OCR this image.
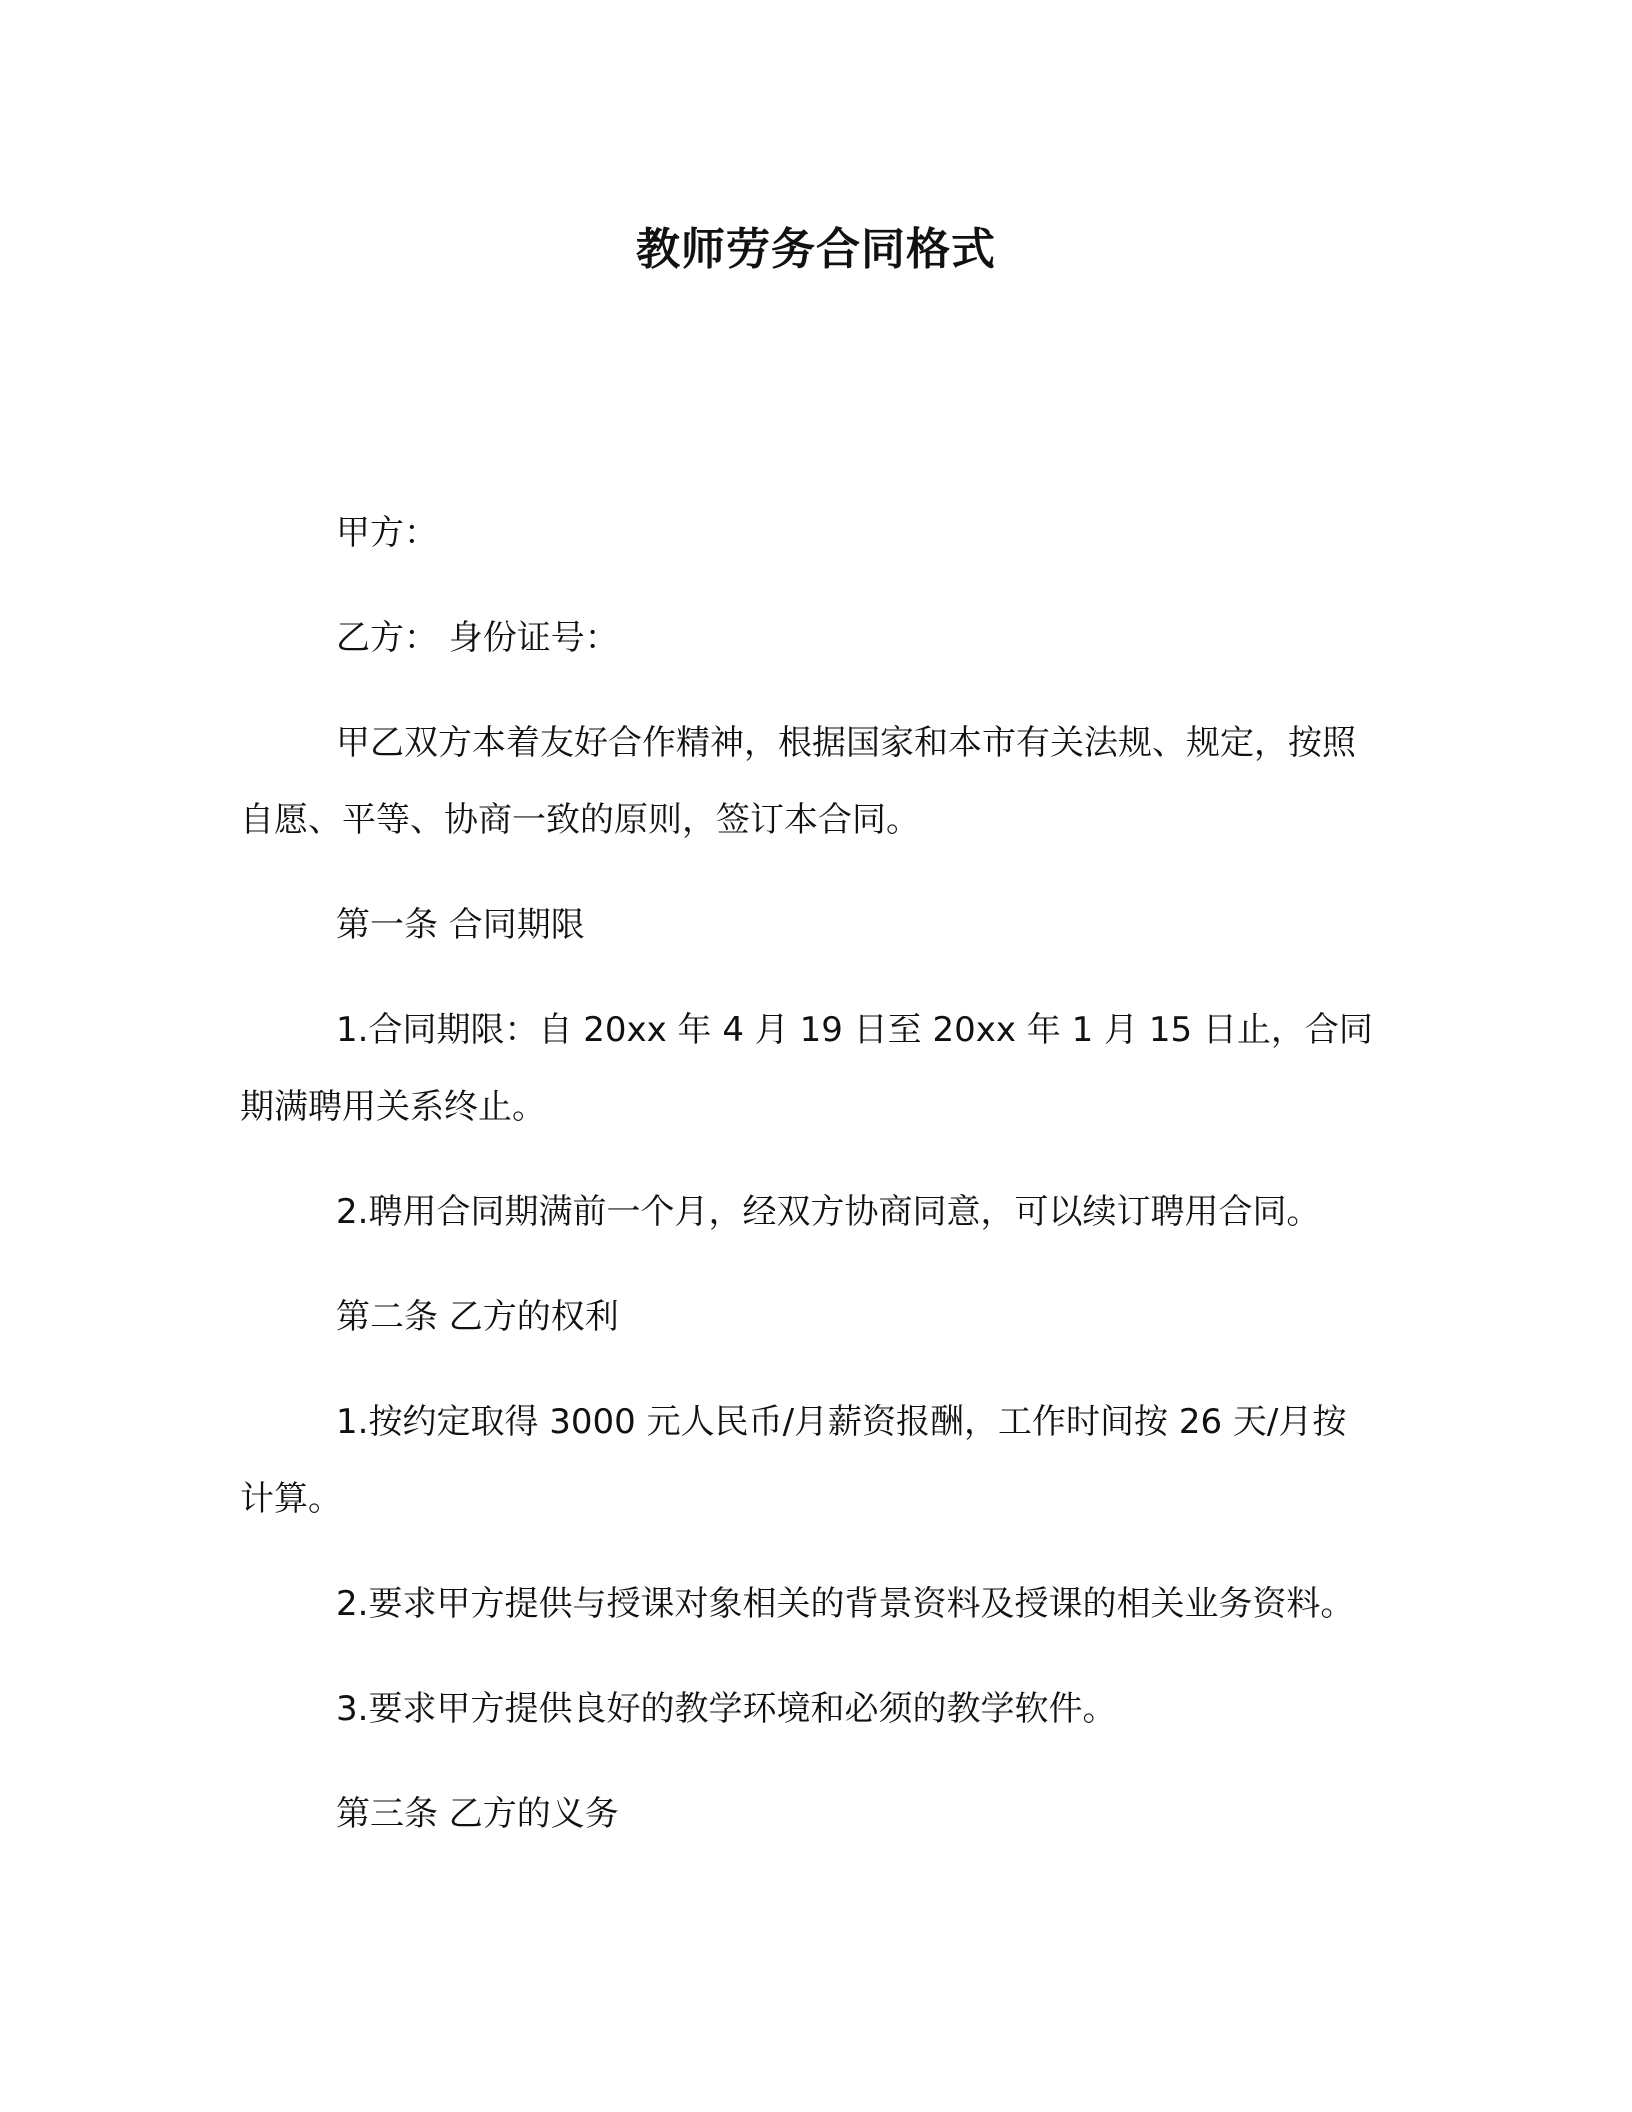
教师劳务合同格式

甲方：

乙方： 身份证号：

甲乙双方本着友好合作精神，根据国家和本市有关法规、规定，按照自愿、平等、协商一致的原则，签订本合同。

第一条 合同期限

1.合同期限：自 20xx 年 4 月 19 日至 20xx 年 1 月 15 日止，合同期满聘用关系终止。

2.聘用合同期满前一个月，经双方协商同意，可以续订聘用合同。

第二条 乙方的权利

1.按约定取得 3000 元人民币/月薪资报酬，工作时间按 26 天/月按计算。

2.要求甲方提供与授课对象相关的背景资料及授课的相关业务资料。

3.要求甲方提供良好的教学环境和必须的教学软件。

第三条 乙方的义务
